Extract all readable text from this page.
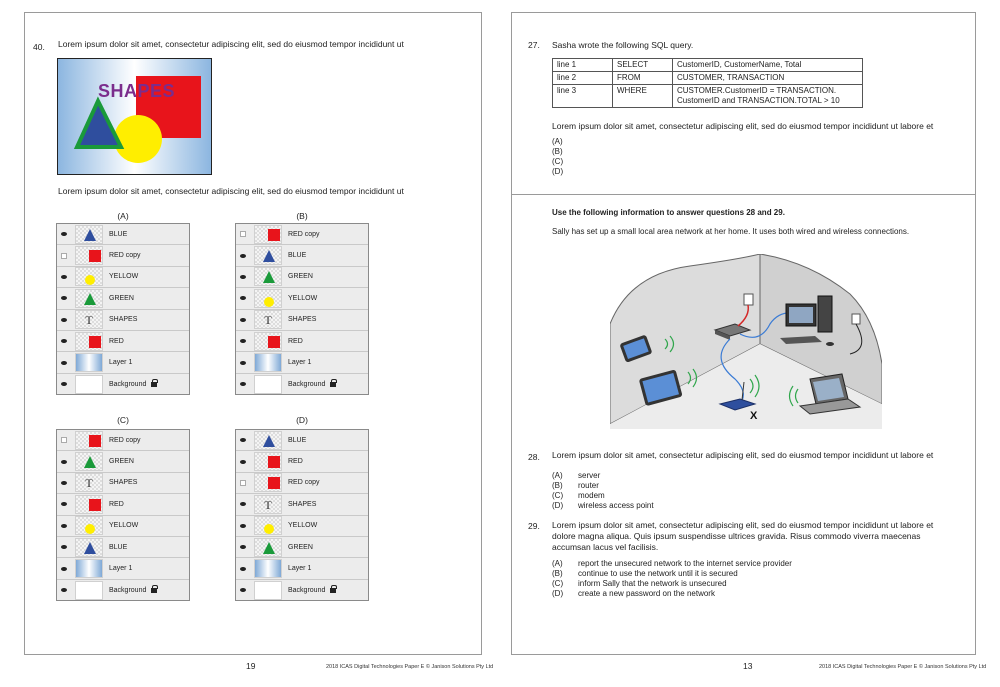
40. Lorem ipsum dolor sit amet, consectetur adipiscing elit, sed do eiusmod tempor incididunt ut
SHAPES
Lorem ipsum dolor sit amet, consectetur adipiscing elit, sed do eiusmod tempor incididunt ut
(A)	(B)
(C)	(D)
BLUE
RED copy
YELLOW
GREEN
T	SHAPES
RED
Layer 1
Background
RED copy
BLUE
GREEN
YELLOW
T	SHAPES
RED
Layer 1
Background
RED copy
GREEN
T	SHAPES
RED
YELLOW
BLUE
Layer 1
Background
BLUE
RED
RED copy
T	SHAPES
YELLOW
GREEN
Layer 1
Background
19	2018 ICAS Digital Technologies Paper E © Janison Solutions Pty Ltd
27. Sasha wrote the following SQL query.
line 1	SELECT	CustomerID, CustomerName, Total
line 2	FROM	CUSTOMER, TRANSACTION
line 3	WHERE	CUSTOMER.CustomerID = TRANSACTION.
CustomerID and TRANSACTION.TOTAL > 10
Lorem ipsum dolor sit amet, consectetur adipiscing elit, sed do eiusmod tempor incididunt ut labore et
(A)
(B)
(C)
(D)
Use the following information to answer questions 28 and 29.
Sally has set up a small local area network at her home. It uses both wired and wireless connections.
X
28. Lorem ipsum dolor sit amet, consectetur adipiscing elit, sed do eiusmod tempor incididunt ut labore et
(A)	server
(B)	router
(C)	modem
(D)	wireless access point
29. Lorem ipsum dolor sit amet, consectetur adipiscing elit, sed do eiusmod tempor incididunt ut labore et
dolore magna aliqua. Quis ipsum suspendisse ultrices gravida. Risus commodo viverra maecenas
accumsan lacus vel facilisis.
(A)	report the unsecured network to the internet service provider
(B)	continue to use the network until it is secured
(C)	inform Sally that the network is unsecured
(D)	create a new password on the network
13	2018 ICAS Digital Technologies Paper E © Janison Solutions Pty Ltd
